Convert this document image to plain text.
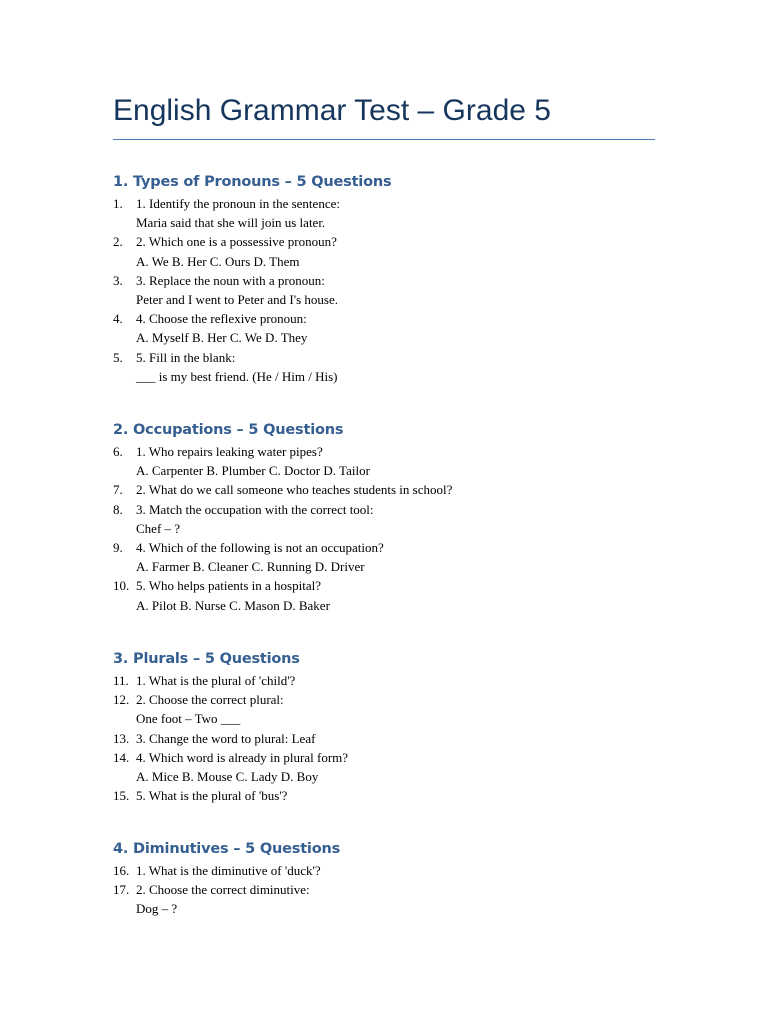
English Grammar Test – Grade 5
1. Types of Pronouns – 5 Questions
1. 1. Identify the pronoun in the sentence:
Maria said that she will join us later.
2. 2. Which one is a possessive pronoun?
A. We B. Her C. Ours D. Them
3. 3. Replace the noun with a pronoun:
Peter and I went to Peter and I's house.
4. 4. Choose the reflexive pronoun:
A. Myself B. Her C. We D. They
5. 5. Fill in the blank:
___ is my best friend. (He / Him / His)
2. Occupations – 5 Questions
6. 1. Who repairs leaking water pipes?
A. Carpenter B. Plumber C. Doctor D. Tailor
7. 2. What do we call someone who teaches students in school?
8. 3. Match the occupation with the correct tool:
Chef – ?
9. 4. Which of the following is not an occupation?
A. Farmer B. Cleaner C. Running D. Driver
10. 5. Who helps patients in a hospital?
A. Pilot B. Nurse C. Mason D. Baker
3. Plurals – 5 Questions
11. 1. What is the plural of 'child'?
12. 2. Choose the correct plural:
One foot – Two ___
13. 3. Change the word to plural: Leaf
14. 4. Which word is already in plural form?
A. Mice B. Mouse C. Lady D. Boy
15. 5. What is the plural of 'bus'?
4. Diminutives – 5 Questions
16. 1. What is the diminutive of 'duck'?
17. 2. Choose the correct diminutive:
Dog – ?
